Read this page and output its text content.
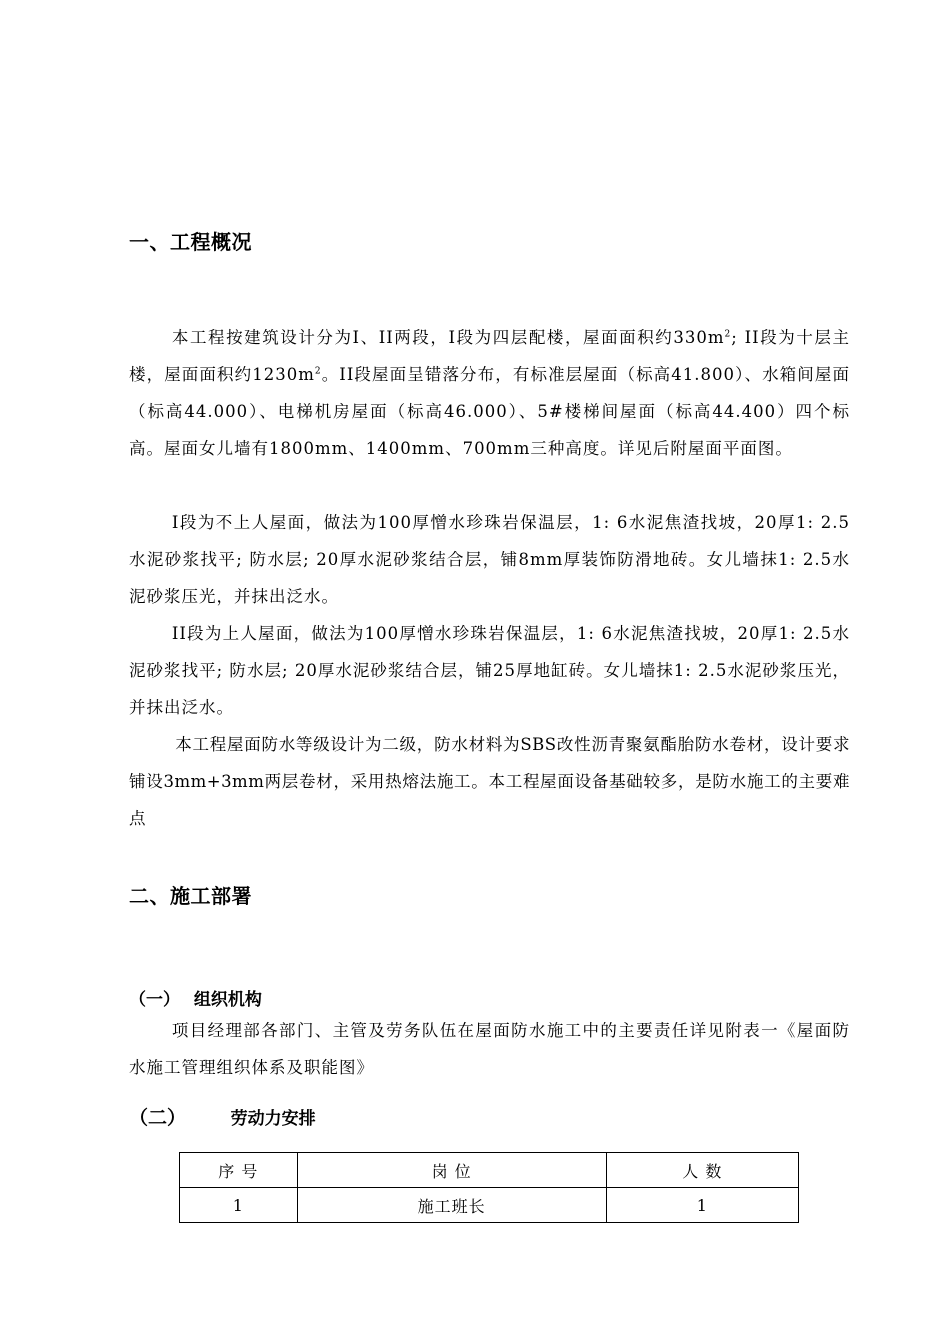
一、工程概况

本工程按建筑设计分为I、II两段，I段为四层配楼，屋面面积约$330m^2$; II段为十层主楼，屋面面积约$1230m^2$。II段屋面呈错落分布，有标准层屋面（标高41.800）、水箱间屋面（标高44.000）、电梯机房屋面（标高46.000）、5#楼梯间屋面（标高44.400）四个标高。屋面女儿墙有1800mm、1400mm、700mm三种高度。详见后附屋面平面图。

I段为不上人屋面，做法为100厚憎水珍珠岩保温层，1: 6水泥焦渣找坡，20厚1: 2.5水泥砂浆找平; 防水层; 20厚水泥砂浆结合层，铺8mm厚装饰防滑地砖。女儿墙抹1: 2.5水泥砂浆压光，并抹出泛水。

II段为上人屋面，做法为100厚憎水珍珠岩保温层，1: 6水泥焦渣找坡，20厚1: 2.5水泥砂浆找平; 防水层; 20厚水泥砂浆结合层，铺25厚地缸砖。女儿墙抹1: 2.5水泥砂浆压光，并抹出泛水。

本工程屋面防水等级设计为二级，防水材料为SBS改性沥青聚氨酯胎防水卷材，设计要求铺设3mm+3mm两层卷材，采用热熔法施工。本工程屋面设备基础较多，是防水施工的主要难点

二、施工部署
（一） 组织机构

项目经理部各部门、主管及劳务队伍在屋面防水施工中的主要责任详见附表一《屋面防水施工管理组织体系及职能图》

（二）	劳动力安排
序 号	岗 位	人 数
1	施工班长	1
